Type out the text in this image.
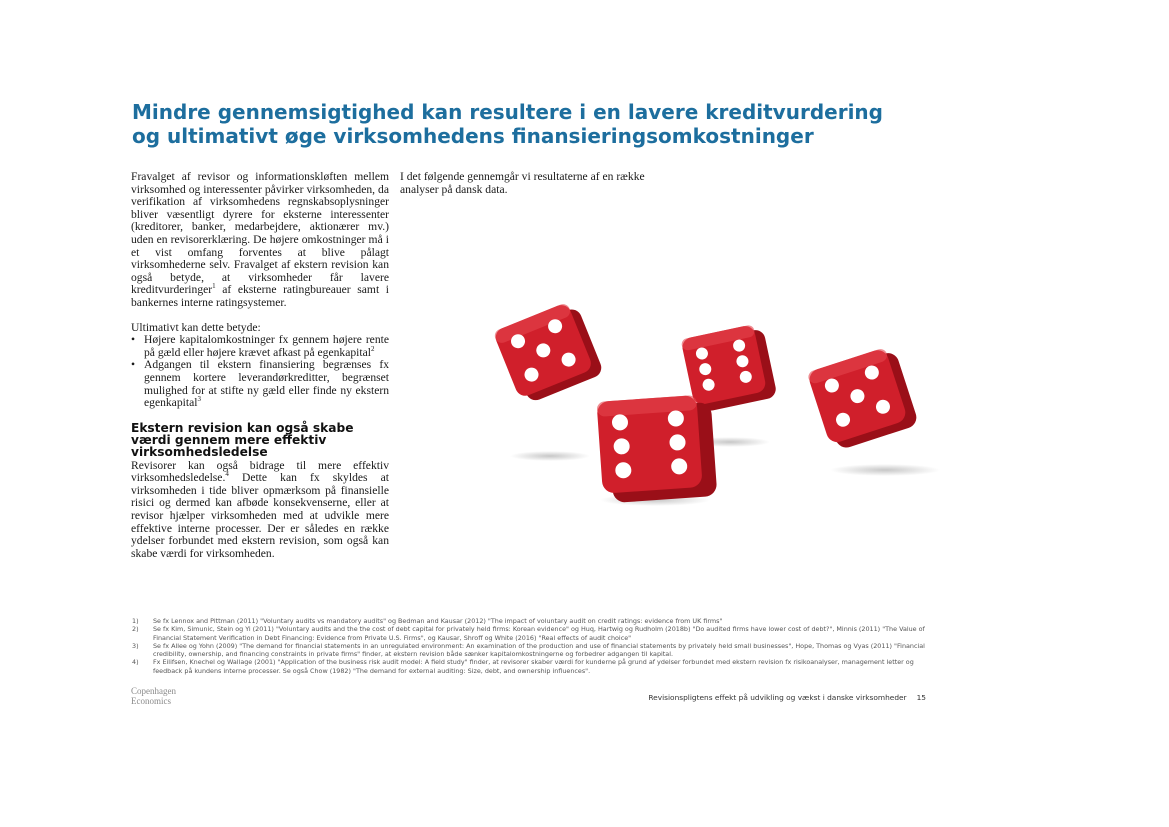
Mindre gennemsigtighed kan resultere i en lavere kreditvurdering
og ultimativt øge virksomhedens finansieringsomkostninger

Fravalget af revisor og informationskløften mellem virksomhed og interessenter påvirker virksomheden, da verifikation af virksomhedens regnskabsoplysninger bliver væsentligt dyrere for eksterne interessenter (kreditorer, banker, medarbejdere, aktionærer mv.) uden en revisorerklæring. De højere omkostninger må i et vist omfang forventes at blive pålagt virksomhederne selv. Fravalget af ekstern revision kan også betyde, at virksomheder får lavere kreditvurderinger$^1$ af eksterne ratingbureauer samt i bankernes interne ratingsystemer.

Ultimativt kan dette betyde:

• Højere kapitalomkostninger fx gennem højere rente på gæld eller højere krævet afkast på egenkapital$^2$
• Adgangen til ekstern finansiering begrænses fx gennem kortere leverandørkreditter, begrænset mulighed for at stifte ny gæld eller finde ny ekstern egenkapital$^3$
Ekstern revision kan også skabe værdi gennem mere effektiv virksomhedsledelse

Revisorer kan også bidrage til mere effektiv virksomhedsledelse.$^4$ Dette kan fx skyldes at virksomheden i tide bliver opmærksom på finansielle risici og dermed kan afbøde konsekvenserne, eller at revisor hjælper virksomheden med at udvikle mere effektive interne processer. Der er således en række ydelser forbundet med ekstern revision, som også kan skabe værdi for virksomheden.

I det følgende gennemgår vi resultaterne af en række analyser på dansk data.

1) Se fx Lennox and Pittman (2011) "Voluntary audits vs mandatory audits" og Bedman and Kausar (2012) "The impact of voluntary audit on credit ratings: evidence from UK firms"
2) Se fx Kim, Simunic, Stein og Yi (2011) "Voluntary audits and the the cost of debt capital for privately held firms: Korean evidence" og Huq, Hartwig og Rudholm (2018b) "Do audited firms have lower cost of debt?", Minnis (2011) "The Value of Financial Statement Verification in Debt Financing: Evidence from Private U.S. Firms", og Kausar, Shroff og White (2016) "Real effects of audit choice"
3) Se fx Allee og Yohn (2009) "The demand for financial statements in an unregulated environment: An examination of the production and use of financial statements by privately held small businesses", Hope, Thomas og Vyas (2011) "Financial credibility, ownership, and financing constraints in private firms" finder, at ekstern revision både sænker kapitalomkostningerne og forbedrer adgangen til kapital.
4) Fx Eilifsen, Knechel og Wallage (2001) "Application of the business risk audit model: A field study" finder, at revisorer skaber værdi for kunderne på grund af ydelser forbundet med ekstern revision fx risikoanalyser, management letter og feedback på kundens interne processer. Se også Chow (1982) "The demand for external auditing: Size, debt, and ownership influences".
Copenhagen
Economics	Revisionspligtens effekt på udvikling og vækst i danske virksomheder 15
